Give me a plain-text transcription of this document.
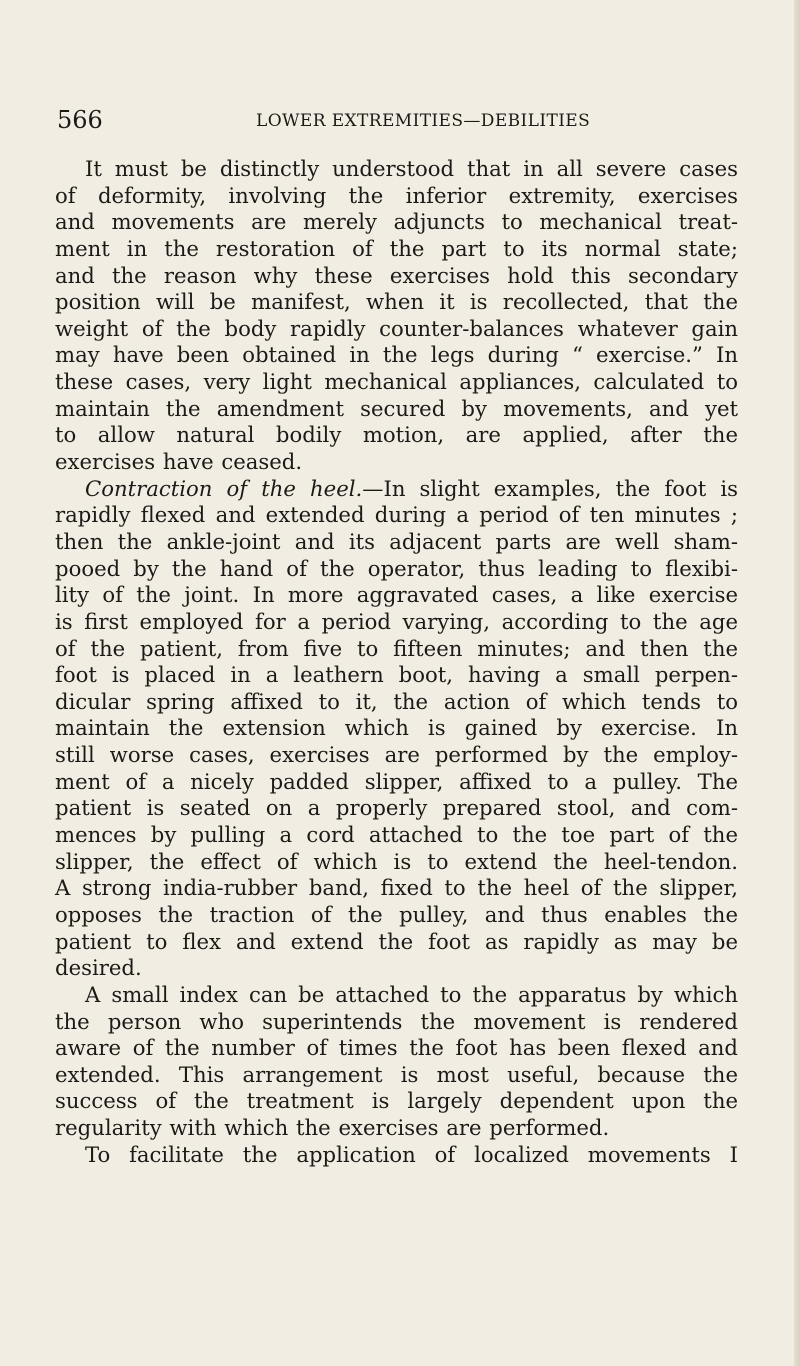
566	LOWER EXTREMITIES—DEBILITIES
It must be distinctly understood that in all severe cases
of deformity, involving the inferior extremity, exercises
and movements are merely adjuncts to mechanical treat-
ment in the restoration of the part to its normal state;
and the reason why these exercises hold this secondary
position will be manifest, when it is recollected, that the
weight of the body rapidly counter-balances whatever gain
may have been obtained in the legs during “ exercise.” In
these cases, very light mechanical appliances, calculated to
maintain the amendment secured by movements, and yet
to allow natural bodily motion, are applied, after the
exercises have ceased.
Contraction of the heel.—In slight examples, the foot is
rapidly flexed and extended during a period of ten minutes ;
then the ankle-joint and its adjacent parts are well sham-
pooed by the hand of the operator, thus leading to flexibi-
lity of the joint. In more aggravated cases, a like exercise
is first employed for a period varying, according to the age
of the patient, from five to fifteen minutes; and then the
foot is placed in a leathern boot, having a small perpen-
dicular spring affixed to it, the action of which tends to
maintain the extension which is gained by exercise. In
still worse cases, exercises are performed by the employ-
ment of a nicely padded slipper, affixed to a pulley. The
patient is seated on a properly prepared stool, and com-
mences by pulling a cord attached to the toe part of the
slipper, the effect of which is to extend the heel-tendon.
A strong india-rubber band, fixed to the heel of the slipper,
opposes the traction of the pulley, and thus enables the
patient to flex and extend the foot as rapidly as may be
desired.
A small index can be attached to the apparatus by which
the person who superintends the movement is rendered
aware of the number of times the foot has been flexed and
extended. This arrangement is most useful, because the
success of the treatment is largely dependent upon the
regularity with which the exercises are performed.
To facilitate the application of localized movements I
